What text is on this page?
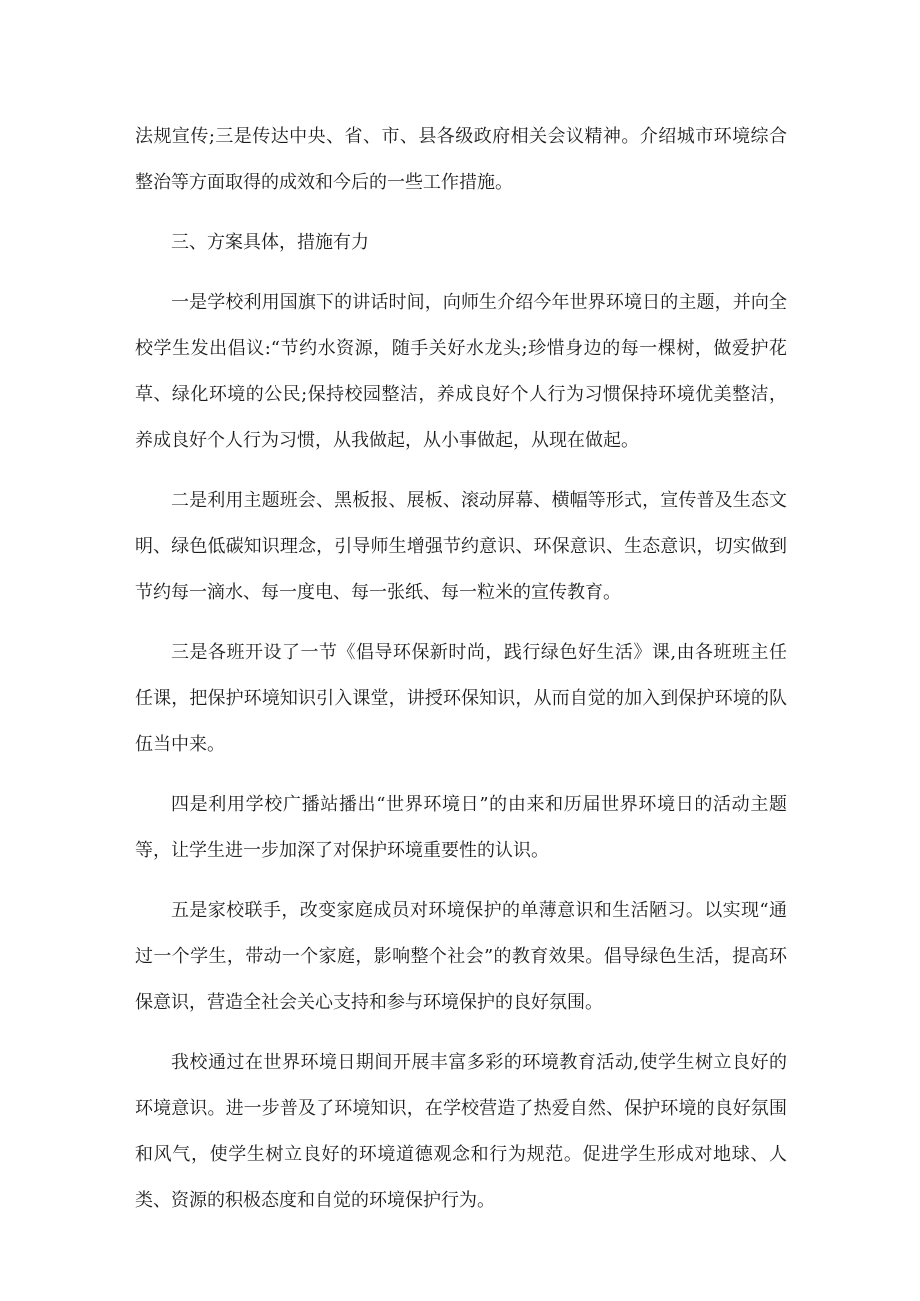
法规宣传;三是传达中央、省、市、县各级政府相关会议精神。介绍城市环境综合整治等方面取得的成效和今后的一些工作措施。

三、方案具体，措施有力

一是学校利用国旗下的讲话时间，向师生介绍今年世界环境日的主题，并向全校学生发出倡议:“节约水资源，随手关好水龙头;珍惜身边的每一棵树，做爱护花草、绿化环境的公民;保持校园整洁，养成良好个人行为习惯保持环境优美整洁，养成良好个人行为习惯，从我做起，从小事做起，从现在做起。

二是利用主题班会、黑板报、展板、滚动屏幕、横幅等形式，宣传普及生态文明、绿色低碳知识理念，引导师生增强节约意识、环保意识、生态意识，切实做到节约每一滴水、每一度电、每一张纸、每一粒米的宣传教育。

三是各班开设了一节《倡导环保新时尚，践行绿色好生活》课,由各班班主任任课，把保护环境知识引入课堂，讲授环保知识，从而自觉的加入到保护环境的队伍当中来。

四是利用学校广播站播出“世界环境日”的由来和历届世界环境日的活动主题等，让学生进一步加深了对保护环境重要性的认识。

五是家校联手，改变家庭成员对环境保护的单薄意识和生活陋习。以实现“通过一个学生，带动一个家庭，影响整个社会”的教育效果。倡导绿色生活，提高环保意识，营造全社会关心支持和参与环境保护的良好氛围。

我校通过在世界环境日期间开展丰富多彩的环境教育活动,使学生树立良好的环境意识。进一步普及了环境知识，在学校营造了热爱自然、保护环境的良好氛围和风气，使学生树立良好的环境道德观念和行为规范。促进学生形成对地球、人类、资源的积极态度和自觉的环境保护行为。
